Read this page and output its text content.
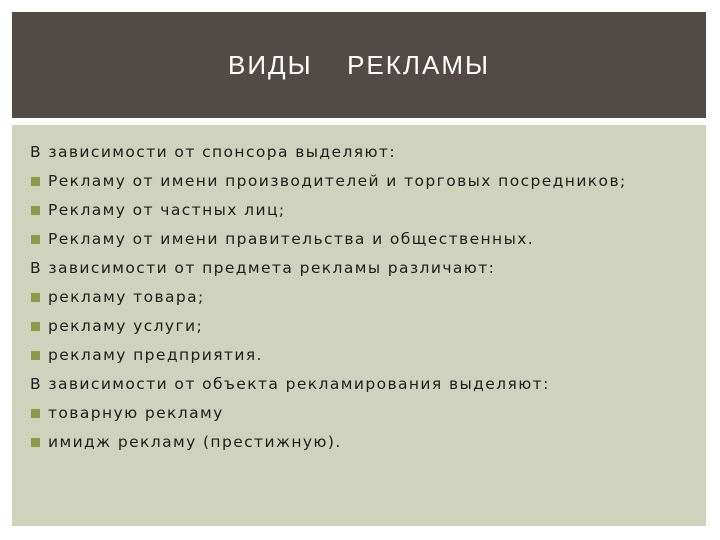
ВИДЫ  РЕКЛАМЫ
В зависимости от спонсора выделяют:
Рекламу от имени производителей и торговых посредников;
Рекламу от частных лиц;
Рекламу от имени правительства и общественных.
В зависимости от предмета рекламы различают:
рекламу товара;
рекламу услуги;
рекламу предприятия.
В зависимости от объекта рекламирования выделяют:
товарную рекламу
имидж рекламу (престижную).
